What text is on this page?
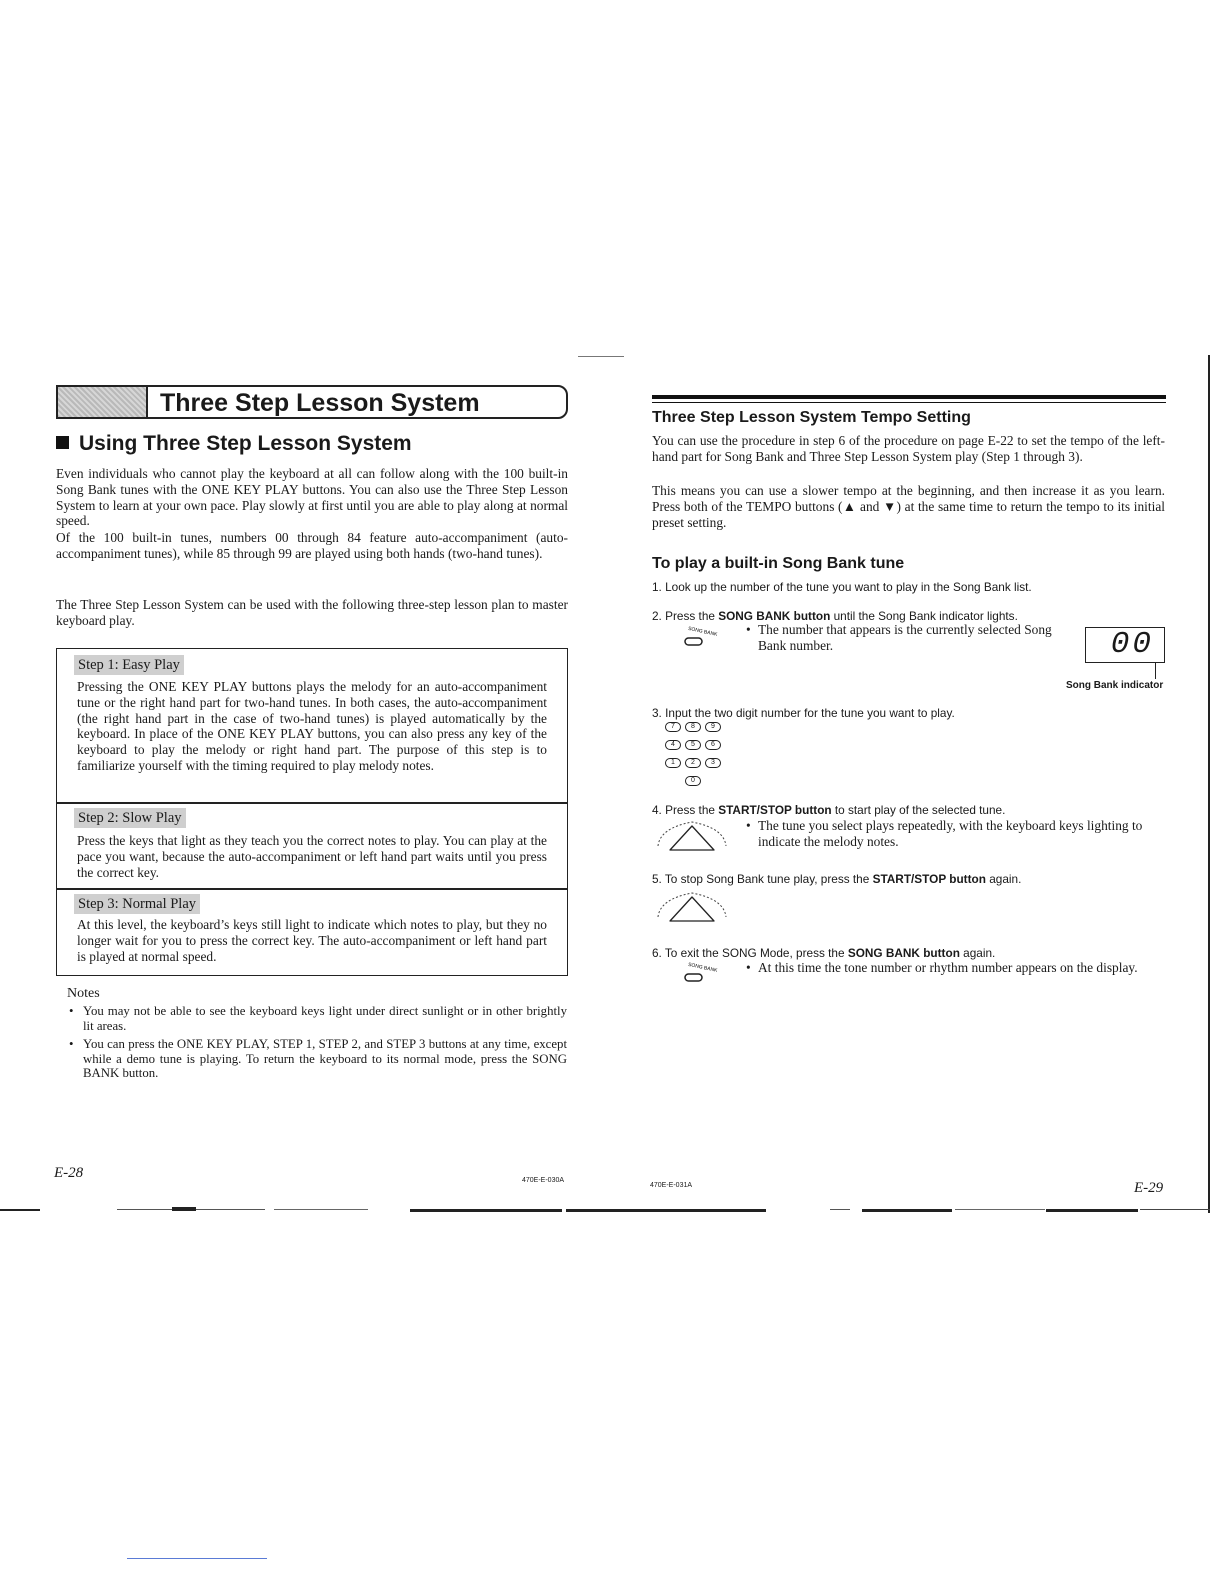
Three Step Lesson System
Using Three Step Lesson System
Even individuals who cannot play the keyboard at all can follow along with the 100 built-in Song Bank tunes with the ONE KEY PLAY buttons. You can also use the Three Step Lesson System to learn at your own pace. Play slowly at first until you are able to play along at normal speed.
Of the 100 built-in tunes, numbers 00 through 84 feature auto-accompaniment (auto-accompaniment tunes), while 85 through 99 are played using both hands (two-hand tunes).
The Three Step Lesson System can be used with the following three-step lesson plan to master keyboard play.
Step 1: Easy Play
Pressing the ONE KEY PLAY buttons plays the melody for an auto-accompaniment tune or the right hand part for two-hand tunes. In both cases, the auto-accompaniment (the right hand part in the case of two-hand tunes) is played automatically by the keyboard. In place of the ONE KEY PLAY buttons, you can also press any key of the keyboard to play the melody or right hand part. The purpose of this step is to familiarize yourself with the timing required to play melody notes.
Step 2: Slow Play
Press the keys that light as they teach you the correct notes to play. You can play at the pace you want, because the auto-accompaniment or left hand part waits until you press the correct key.
Step 3: Normal Play
At this level, the keyboard’s keys still light to indicate which notes to play, but they no longer wait for you to press the correct key. The auto-accompaniment or left hand part is played at normal speed.
Notes
• You may not be able to see the keyboard keys light under direct sunlight or in other brightly lit areas.
• You can press the ONE KEY PLAY, STEP 1, STEP 2, and STEP 3 buttons at any time, except while a demo tune is playing. To return the keyboard to its normal mode, press the SONG BANK button.
E-28	470E-E-030A
Three Step Lesson System Tempo Setting
You can use the procedure in step 6 of the procedure on page E-22 to set the tempo of the left-hand part for Song Bank and Three Step Lesson System play (Step 1 through 3).
This means you can use a slower tempo at the beginning, and then increase it as you learn. Press both of the TEMPO buttons (▲ and ▼) at the same time to return the tempo to its initial preset setting.
To play a built-in Song Bank tune
1. Look up the number of the tune you want to play in the Song Bank list.
2. Press the SONG BANK button until the Song Bank indicator lights.
SONG BANK • The number that appears is the currently selected Song Bank number.	00
Song Bank indicator
3. Input the two digit number for the tune you want to play.
7	8	9
4	5	6
1	2	3
0
4. Press the START/STOP button to start play of the selected tune.
• The tune you select plays repeatedly, with the keyboard keys lighting to indicate the melody notes.
5. To stop Song Bank tune play, press the START/STOP button again.
6. To exit the SONG Mode, press the SONG BANK button again.
SONG BANK • At this time the tone number or rhythm number appears on the display.
470E-E-031A	E-29
